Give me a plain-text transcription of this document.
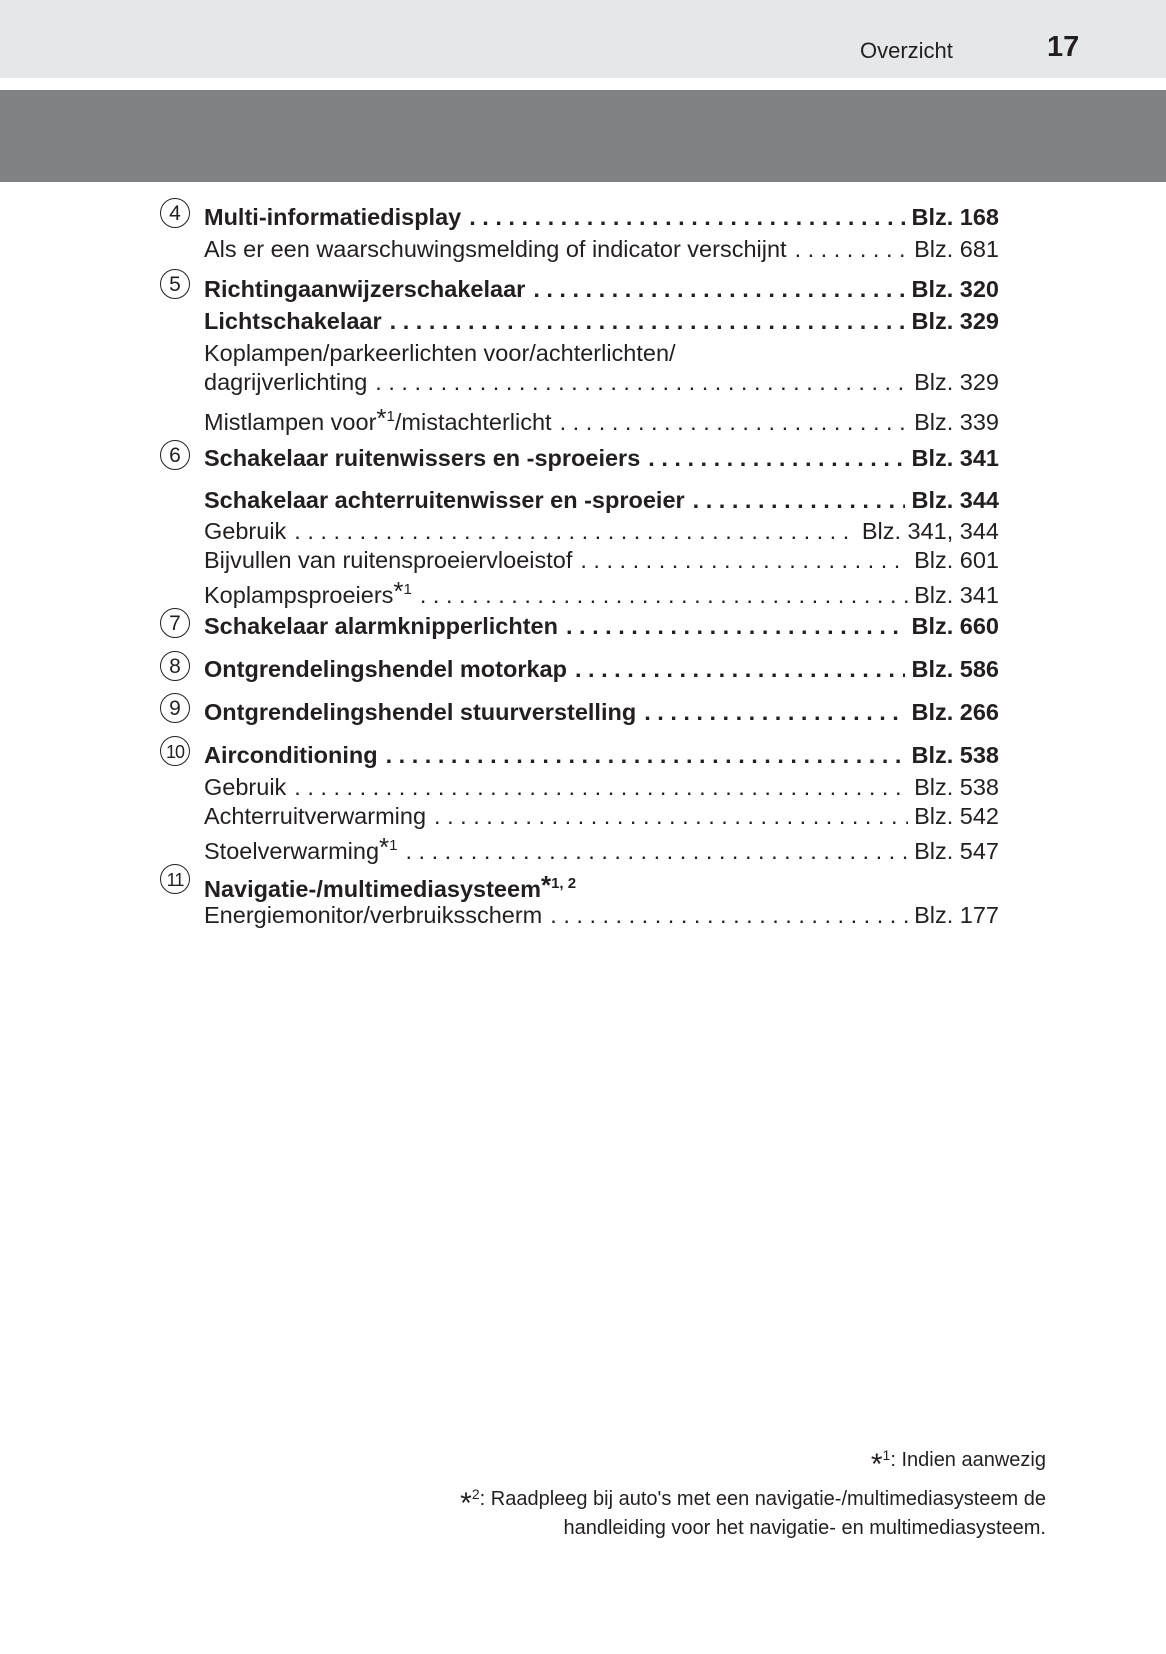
Overzicht	17
4
5
6
7
8
9
10
11
Multi-informatiedisplay . . .	Blz. 168
Als er een waarschuwingsmelding of indicator verschijnt . . .	Blz. 681
Richtingaanwijzerschakelaar . . .	Blz. 320
Lichtschakelaar . . .	Blz. 329
Koplampen/parkeerlichten voor/achterlichten/
dagrijverlichting . . .	Blz. 329
Mistlampen voor$^{*1}$/mistachterlicht . . .	Blz. 339
Schakelaar ruitenwissers en -sproeiers . . .	Blz. 341
Schakelaar achterruitenwisser en -sproeier . . .	Blz. 344
Gebruik . . .	Blz. 341, 344
Bijvullen van ruitensproeiervloeistof . . .	Blz. 601
Koplampsproeiers$^{*1}$ . . .	Blz. 341
Schakelaar alarmknipperlichten . . .	Blz. 660
Ontgrendelingshendel motorkap . . .	Blz. 586
Ontgrendelingshendel stuurverstelling . . .	Blz. 266
Airconditioning . . .	Blz. 538
Gebruik . . .	Blz. 538
Achterruitverwarming . . .	Blz. 542
Stoelverwarming$^{*1}$ . . .	Blz. 547
Navigatie-/multimediasysteem$^{*1, 2}$
Energiemonitor/verbruiksscherm . . .	Blz. 177
*$^1$: Indien aanwezig
*$^2$: Raadpleeg bij auto's met een navigatie-/multimediasysteem de
handleiding voor het navigatie- en multimediasysteem.
